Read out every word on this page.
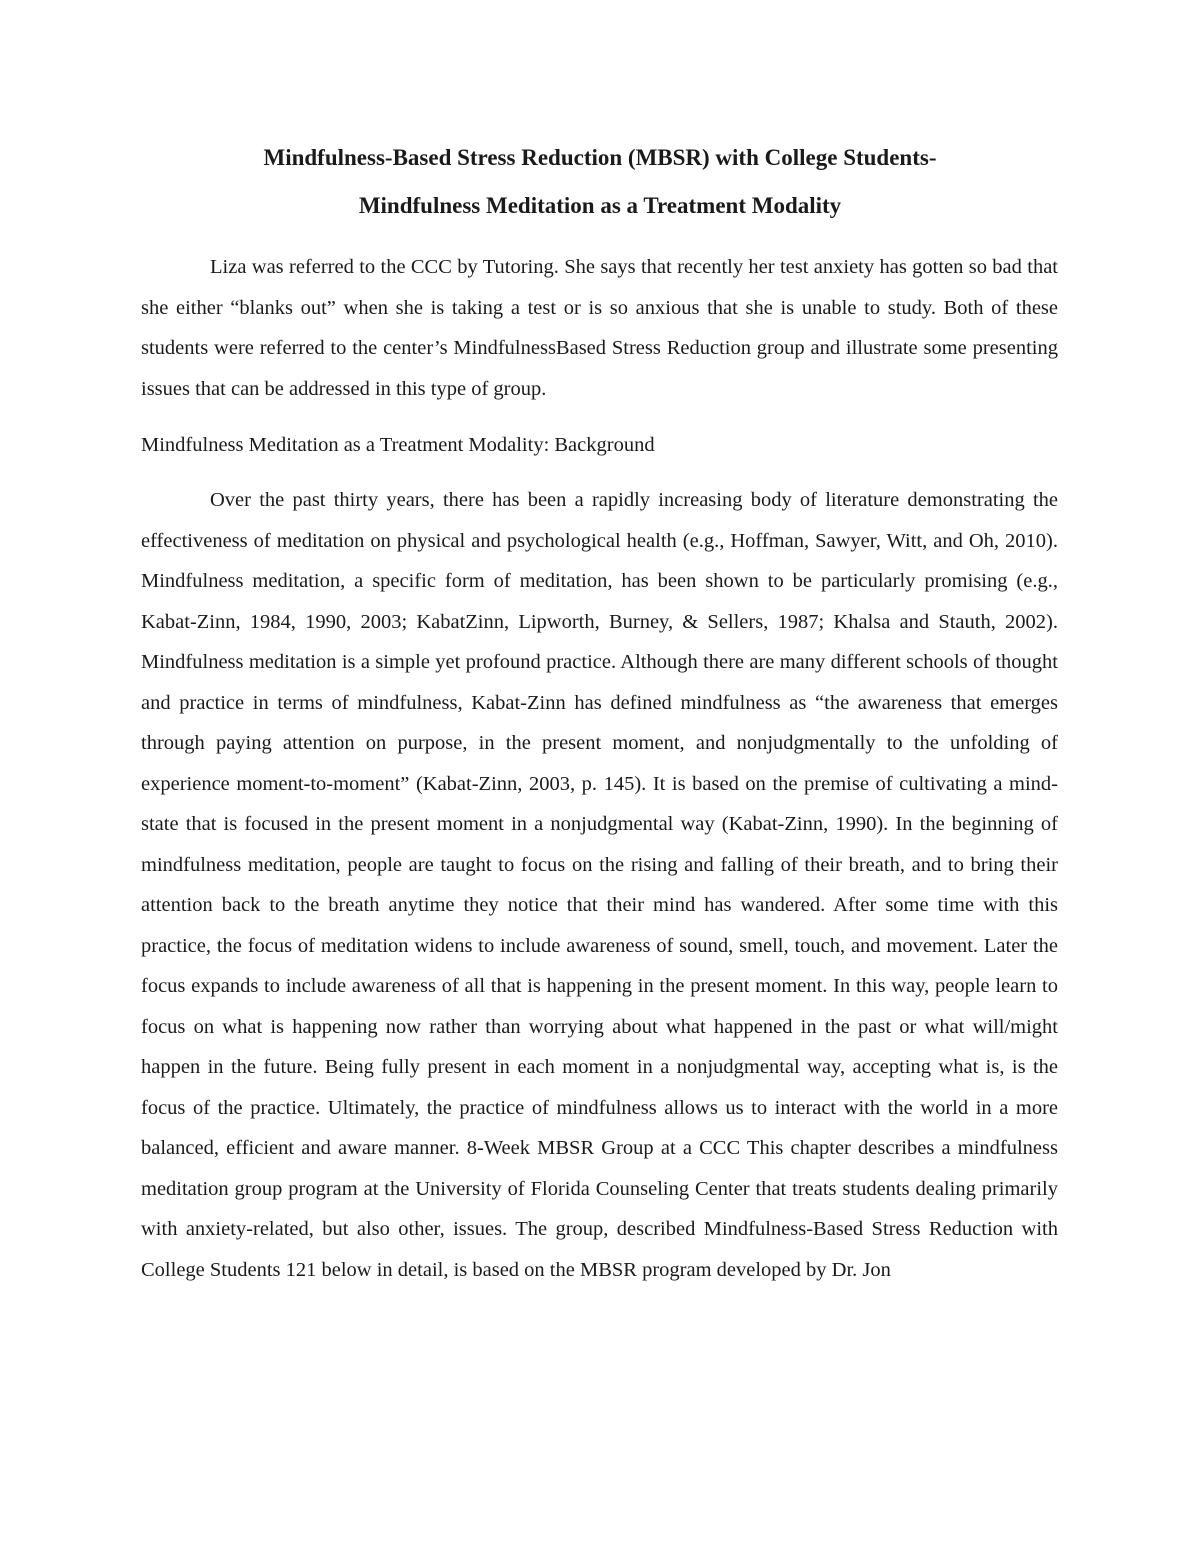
Mindfulness-Based Stress Reduction (MBSR) with College Students-
Mindfulness Meditation as a Treatment Modality

Liza was referred to the CCC by Tutoring. She says that recently her test anxiety has gotten so bad that she either “blanks out” when she is taking a test or is so anxious that she is unable to study. Both of these students were referred to the center’s MindfulnessBased Stress Reduction group and illustrate some presenting issues that can be addressed in this type of group.

Mindfulness Meditation as a Treatment Modality: Background

Over the past thirty years, there has been a rapidly increasing body of literature demonstrating the effectiveness of meditation on physical and psychological health (e.g., Hoffman, Sawyer, Witt, and Oh, 2010). Mindfulness meditation, a specific form of meditation, has been shown to be particularly promising (e.g., Kabat-Zinn, 1984, 1990, 2003; KabatZinn, Lipworth, Burney, & Sellers, 1987; Khalsa and Stauth, 2002). Mindfulness meditation is a simple yet profound practice. Although there are many different schools of thought and practice in terms of mindfulness, Kabat-Zinn has defined mindfulness as “the awareness that emerges through paying attention on purpose, in the present moment, and nonjudgmentally to the unfolding of experience moment-to-moment” (Kabat-Zinn, 2003, p. 145). It is based on the premise of cultivating a mind-state that is focused in the present moment in a nonjudgmental way (Kabat-Zinn, 1990). In the beginning of mindfulness meditation, people are taught to focus on the rising and falling of their breath, and to bring their attention back to the breath anytime they notice that their mind has wandered. After some time with this practice, the focus of meditation widens to include awareness of sound, smell, touch, and movement. Later the focus expands to include awareness of all that is happening in the present moment. In this way, people learn to focus on what is happening now rather than worrying about what happened in the past or what will/might happen in the future. Being fully present in each moment in a nonjudgmental way, accepting what is, is the focus of the practice. Ultimately, the practice of mindfulness allows us to interact with the world in a more balanced, efficient and aware manner. 8-Week MBSR Group at a CCC This chapter describes a mindfulness meditation group program at the University of Florida Counseling Center that treats students dealing primarily with anxiety-related, but also other, issues. The group, described Mindfulness-Based Stress Reduction with College Students 121 below in detail, is based on the MBSR program developed by Dr. Jon
